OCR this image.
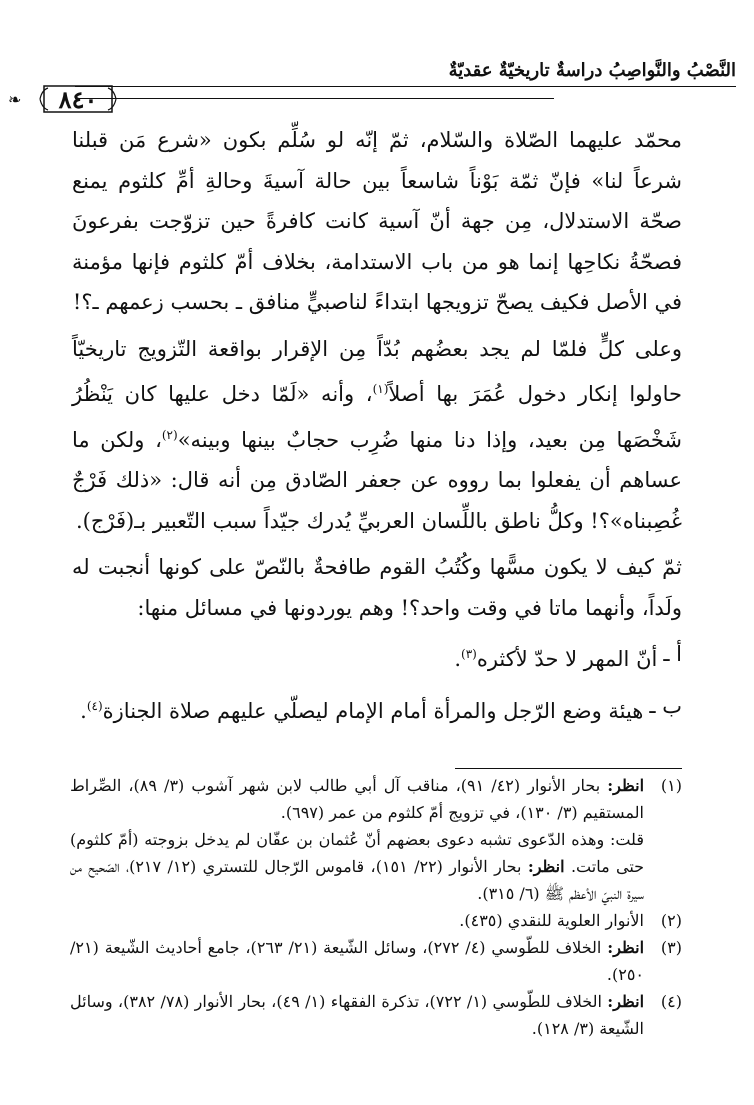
النَّصْبُ والنَّواصِبُ دراسةٌ تاريخيّةٌ عقديّةٌ
٨٤٠
❧

محمّد عليهما الصّلاة والسّلام، ثمّ إنّه لو سُلِّم بكون «شرع مَن قبلنا شرعاً لنا» فإنّ ثمّة بَوْناً شاسعاً بين حالة آسيةَ وحالةِ أمِّ كلثوم يمنع صحّة الاستدلال، مِن جهة أنّ آسية كانت كافرةً حين تزوّجت بفرعونَ فصحّةُ نكاحِها إنما هو من باب الاستدامة، بخلاف أمّ كلثوم فإنها مؤمنة في الأصل فكيف يصحّ تزويجها ابتداءً لناصبيٍّ منافق ـ بحسب زعمهم ـ؟!

وعلى كلٍّ فلمّا لم يجد بعضُهم بُدّاً مِن الإقرار بواقعة التّزويج تاريخيّاً حاولوا إنكار دخول عُمَرَ بها أصلاً$^{(١)}$، وأنه «لَمّا دخل عليها كان يَنْظُرُ شَخْصَها مِن بعيد، وإذا دنا منها ضُرِب حجابٌ بينها وبينه»$^{(٢)}$، ولكن ما عساهم أن يفعلوا بما رووه عن جعفر الصّادق مِن أنه قال: «ذلك فَرْجٌ غُصِبناه»؟! وكلُّ ناطق باللِّسان العربيِّ يُدرك جيّداً سبب التّعبير بـ(فَرْج).

ثمّ كيف لا يكون مسًّها وكُتُبُ القوم طافحةٌ بالنّصّ على كونها أنجبت له ولَداً، وأنهما ماتا في وقت واحد؟! وهم يوردونها في مسائل منها:

أ ـ
أنّ المهر لا حدّ لأكثره$^{(٣)}$.

ب ـ
هيئة وضع الرّجل والمرأة أمام الإمام ليصلّي عليهم صلاة الجنازة$^{(٤)}$.

(١)
انظر: بحار الأنوار (٤٢/ ٩١)، مناقب آل أبي طالب لابن شهر آشوب (٣/ ٨٩)، الصِّراط المستقيم (٣/ ١٣٠)، في تزويج أمّ كلثوم من عمر (٦٩٧).
قلت: وهذه الدّعوى تشبه دعوى بعضهم أنّ عُثمان بن عفّان لم يدخل بزوجته (أمّ كلثوم) حتى ماتت. انظر: بحار الأنوار (٢٢/ ١٥١)، قاموس الرّجال للتستري (١٢/ ٢١٧)، الصّحيح من سيرة النبيّ الأعظم ﷺ (٦/ ٣١٥).
(٢)
الأنوار العلوية للنقدي (٤٣٥).
(٣)
انظر: الخلاف للطّوسي (٤/ ٢٧٢)، وسائل الشّيعة (٢١/ ٢٦٣)، جامع أحاديث الشّيعة (٢١/ ٢٥٠).
(٤)
انظر: الخلاف للطّوسي (١/ ٧٢٢)، تذكرة الفقهاء (١/ ٤٩)، بحار الأنوار (٧٨/ ٣٨٢)، وسائل الشّيعة (٣/ ١٢٨).
